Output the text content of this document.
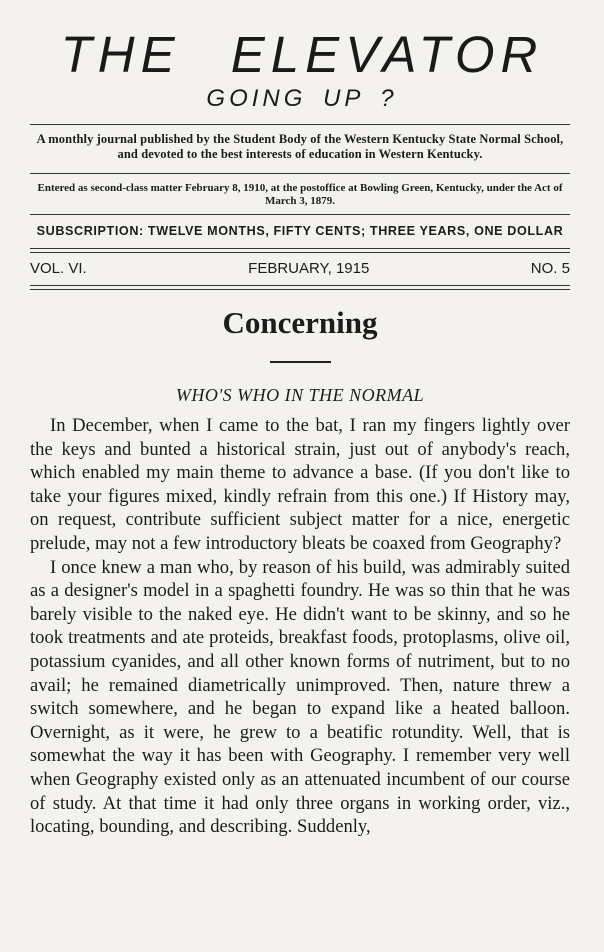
THE ELEVATOR
GOING UP ?
A monthly journal published by the Student Body of the Western Kentucky State Normal School, and devoted to the best interests of education in Western Kentucky.
Entered as second-class matter February 8, 1910, at the postoffice at Bowling Green, Kentucky, under the Act of March 3, 1879.
SUBSCRIPTION: TWELVE MONTHS, FIFTY CENTS; THREE YEARS, ONE DOLLAR
VOL. VI.	FEBRUARY, 1915	NO. 5
Concerning
WHO'S WHO IN THE NORMAL

In December, when I came to the bat, I ran my fingers lightly over the keys and bunted a historical strain, just out of anybody's reach, which enabled my main theme to advance a base. (If you don't like to take your figures mixed, kindly refrain from this one.) If History may, on request, contribute sufficient subject matter for a nice, energetic prelude, may not a few introductory bleats be coaxed from Geography?

I once knew a man who, by reason of his build, was admirably suited as a designer's model in a spaghetti foundry. He was so thin that he was barely visible to the naked eye. He didn't want to be skinny, and so he took treatments and ate proteids, breakfast foods, protoplasms, olive oil, potassium cyanides, and all other known forms of nutriment, but to no avail; he remained diametrically unimproved. Then, nature threw a switch somewhere, and he began to expand like a heated balloon. Overnight, as it were, he grew to a beatific rotundity. Well, that is somewhat the way it has been with Geography. I remember very well when Geography existed only as an attenuated incumbent of our course of study. At that time it had only three organs in working order, viz., locating, bounding, and describing. Suddenly,
